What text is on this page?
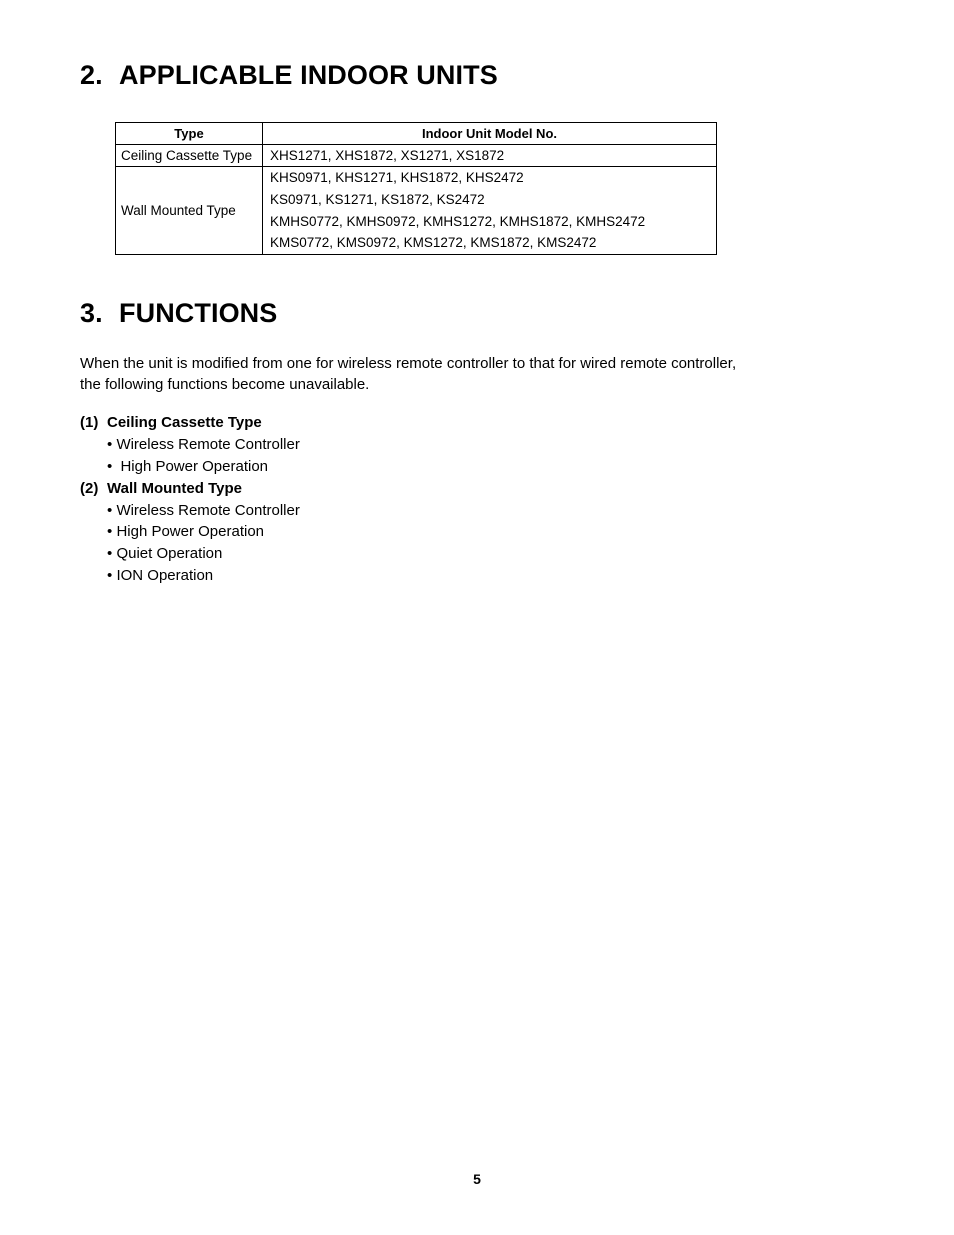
2. APPLICABLE INDOOR UNITS
Type	Indoor Unit Model No.
Ceiling Cassette Type	XHS1271, XHS1872, XS1271, XS1872

Wall Mounted Type	KHS0971, KHS1271, KHS1872, KHS2472
KS0971, KS1271, KS1872, KS2472
KMHS0772, KMHS0972, KMHS1272, KMHS1872, KMHS2472
KMS0772, KMS0972, KMS1272, KMS1872, KMS2472
3. FUNCTIONS
When the unit is modified from one for wireless remote controller to that for wired remote controller,
the following functions become unavailable.
(1) Ceiling Cassette Type
• Wireless Remote Controller
• High Power Operation
(2) Wall Mounted Type
• Wireless Remote Controller
• High Power Operation
• Quiet Operation
• ION Operation
5
